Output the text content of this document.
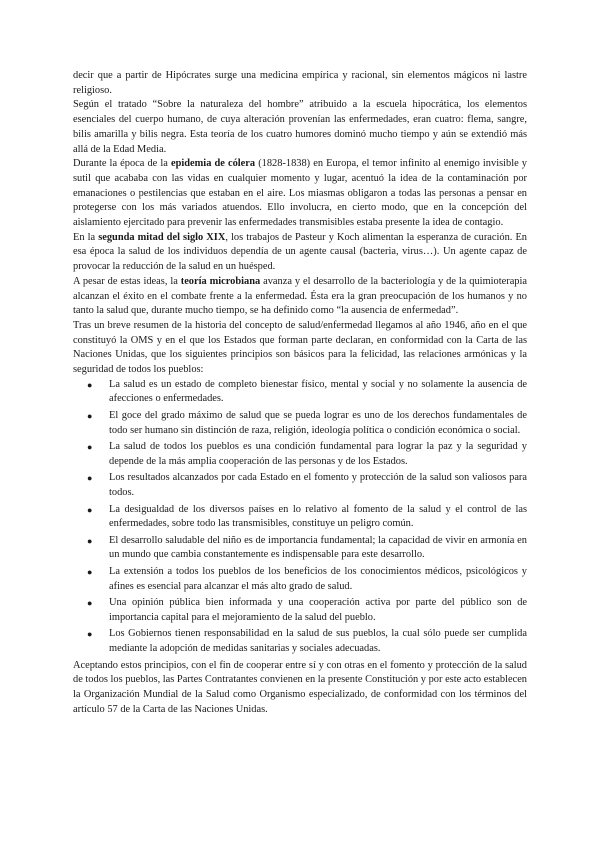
decir que a partir de Hipócrates surge una medicina empírica y racional, sin elementos mágicos ni lastre religioso.

Según el tratado “Sobre la naturaleza del hombre” atribuido a la escuela hipocrática, los elementos esenciales del cuerpo humano, de cuya alteración provenían las enfermedades, eran cuatro: flema, sangre, bilis amarilla y bilis negra. Esta teoría de los cuatro humores dominó mucho tiempo y aún se extendió más allá de la Edad Media.

Durante la época de la epidemia de cólera (1828-1838) en Europa, el temor infinito al enemigo invisible y sutil que acababa con las vidas en cualquier momento y lugar, acentuó la idea de la contaminación por emanaciones o pestilencias que estaban en el aire. Los miasmas obligaron a todas las personas a pensar en protegerse con los más variados atuendos. Ello involucra, en cierto modo, que en la concepción del aislamiento ejercitado para prevenir las enfermedades transmisibles estaba presente la idea de contagio.

En la segunda mitad del siglo XIX, los trabajos de Pasteur y Koch alimentan la esperanza de curación. En esa época la salud de los individuos dependía de un agente causal (bacteria, virus…). Un agente capaz de provocar la reducción de la salud en un huésped.

A pesar de estas ideas, la teoría microbiana avanza y el desarrollo de la bacteriología y de la quimioterapia alcanzan el éxito en el combate frente a la enfermedad. Ésta era la gran preocupación de los humanos y no tanto la salud que, durante mucho tiempo, se ha definido como “la ausencia de enfermedad”.

Tras un breve resumen de la historia del concepto de salud/enfermedad llegamos al año 1946, año en el que constituyó la OMS y en el que los Estados que forman parte declaran, en conformidad con la Carta de las Naciones Unidas, que los siguientes principios son básicos para la felicidad, las relaciones armónicas y la seguridad de todos los pueblos:

● La salud es un estado de completo bienestar físico, mental y social y no solamente la ausencia de afecciones o enfermedades.
● El goce del grado máximo de salud que se pueda lograr es uno de los derechos fundamentales de todo ser humano sin distinción de raza, religión, ideología política o condición económica o social.
● La salud de todos los pueblos es una condición fundamental para lograr la paz y la seguridad y depende de la más amplia cooperación de las personas y de los Estados.
● Los resultados alcanzados por cada Estado en el fomento y protección de la salud son valiosos para todos.
● La desigualdad de los diversos países en lo relativo al fomento de la salud y el control de las enfermedades, sobre todo las transmisibles, constituye un peligro común.
● El desarrollo saludable del niño es de importancia fundamental; la capacidad de vivir en armonía en un mundo que cambia constantemente es indispensable para este desarrollo.
● La extensión a todos los pueblos de los beneficios de los conocimientos médicos, psicológicos y afines es esencial para alcanzar el más alto grado de salud.
● Una opinión pública bien informada y una cooperación activa por parte del público son de importancia capital para el mejoramiento de la salud del pueblo.
● Los Gobiernos tienen responsabilidad en la salud de sus pueblos, la cual sólo puede ser cumplida mediante la adopción de medidas sanitarias y sociales adecuadas.

Aceptando estos principios, con el fin de cooperar entre sí y con otras en el fomento y protección de la salud de todos los pueblos, las Partes Contratantes convienen en la presente Constitución y por este acto establecen la Organización Mundial de la Salud como Organismo especializado, de conformidad con los términos del artículo 57 de la Carta de las Naciones Unidas.
